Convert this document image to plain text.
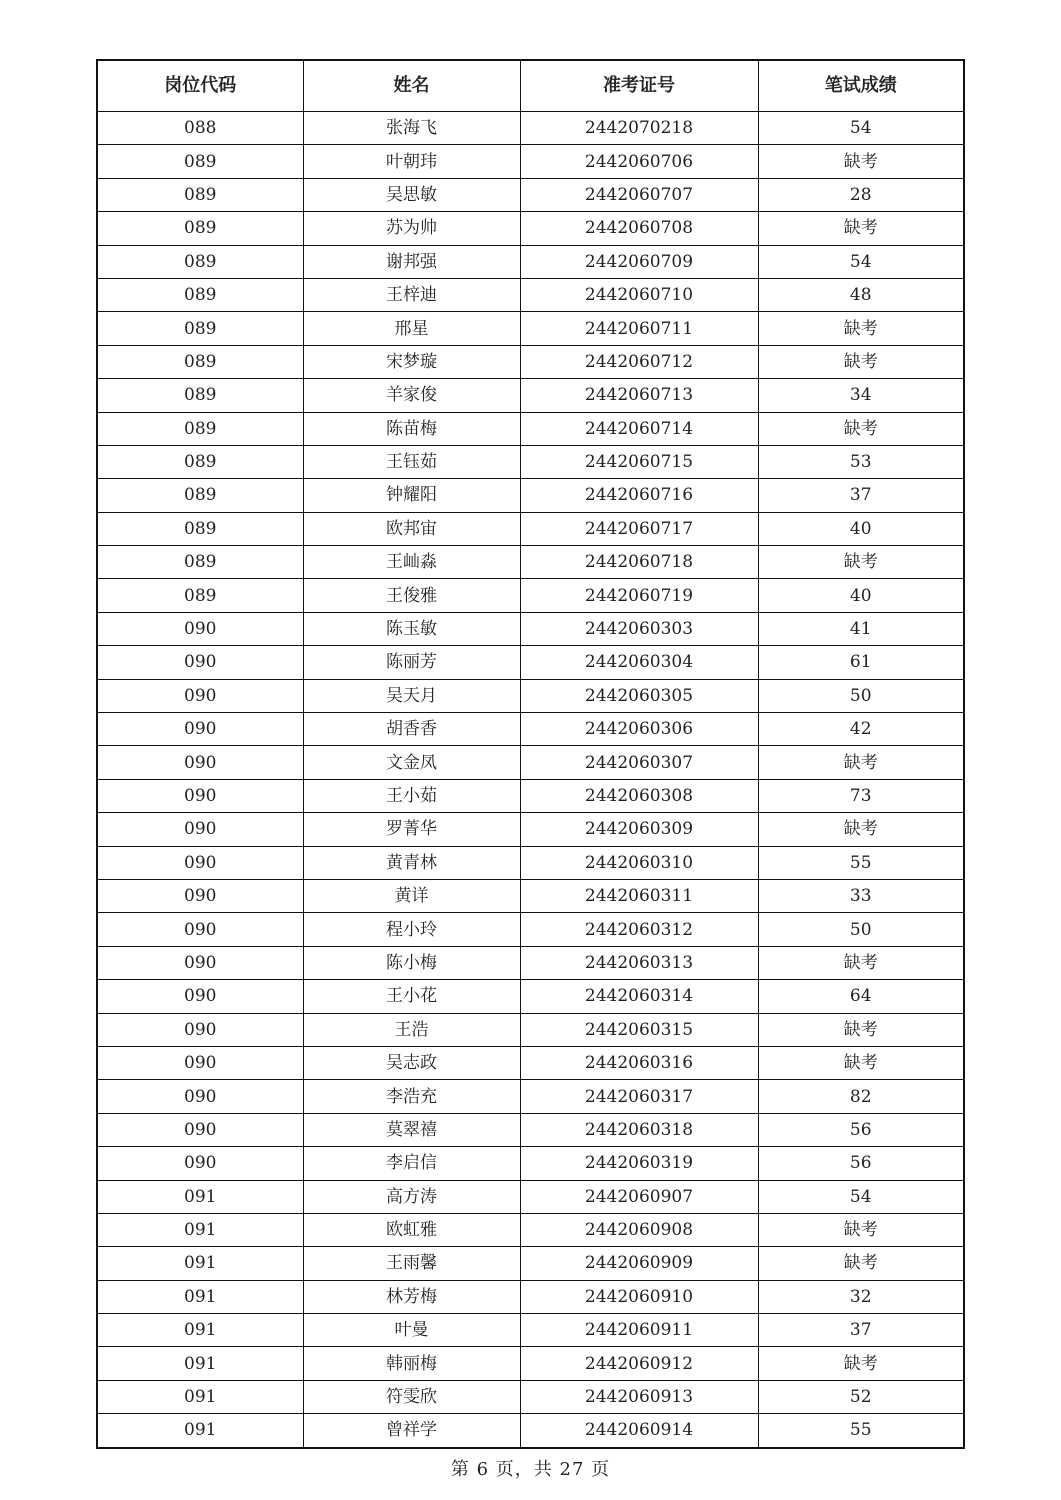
岗位代码	姓名	准考证号	笔试成绩
088	张海飞	2442070218	54
089	叶朝玮	2442060706	缺考
089	吴思敏	2442060707	28
089	苏为帅	2442060708	缺考
089	谢邦强	2442060709	54
089	王梓迪	2442060710	48
089	邢星	2442060711	缺考
089	宋梦璇	2442060712	缺考
089	羊家俊	2442060713	34
089	陈苗梅	2442060714	缺考
089	王钰茹	2442060715	53
089	钟耀阳	2442060716	37
089	欧邦宙	2442060717	40
089	王屾淼	2442060718	缺考
089	王俊雅	2442060719	40
090	陈玉敏	2442060303	41
090	陈丽芳	2442060304	61
090	吴天月	2442060305	50
090	胡香香	2442060306	42
090	文金凤	2442060307	缺考
090	王小茹	2442060308	73
090	罗菁华	2442060309	缺考
090	黄青林	2442060310	55
090	黄详	2442060311	33
090	程小玲	2442060312	50
090	陈小梅	2442060313	缺考
090	王小花	2442060314	64
090	王浩	2442060315	缺考
090	吴志政	2442060316	缺考
090	李浩充	2442060317	82
090	莫翠禧	2442060318	56
090	李启信	2442060319	56
091	高方涛	2442060907	54
091	欧虹雅	2442060908	缺考
091	王雨馨	2442060909	缺考
091	林芳梅	2442060910	32
091	叶曼	2442060911	37
091	韩丽梅	2442060912	缺考
091	符雯欣	2442060913	52
091	曾祥学	2442060914	55
第 6 页，共 27 页
